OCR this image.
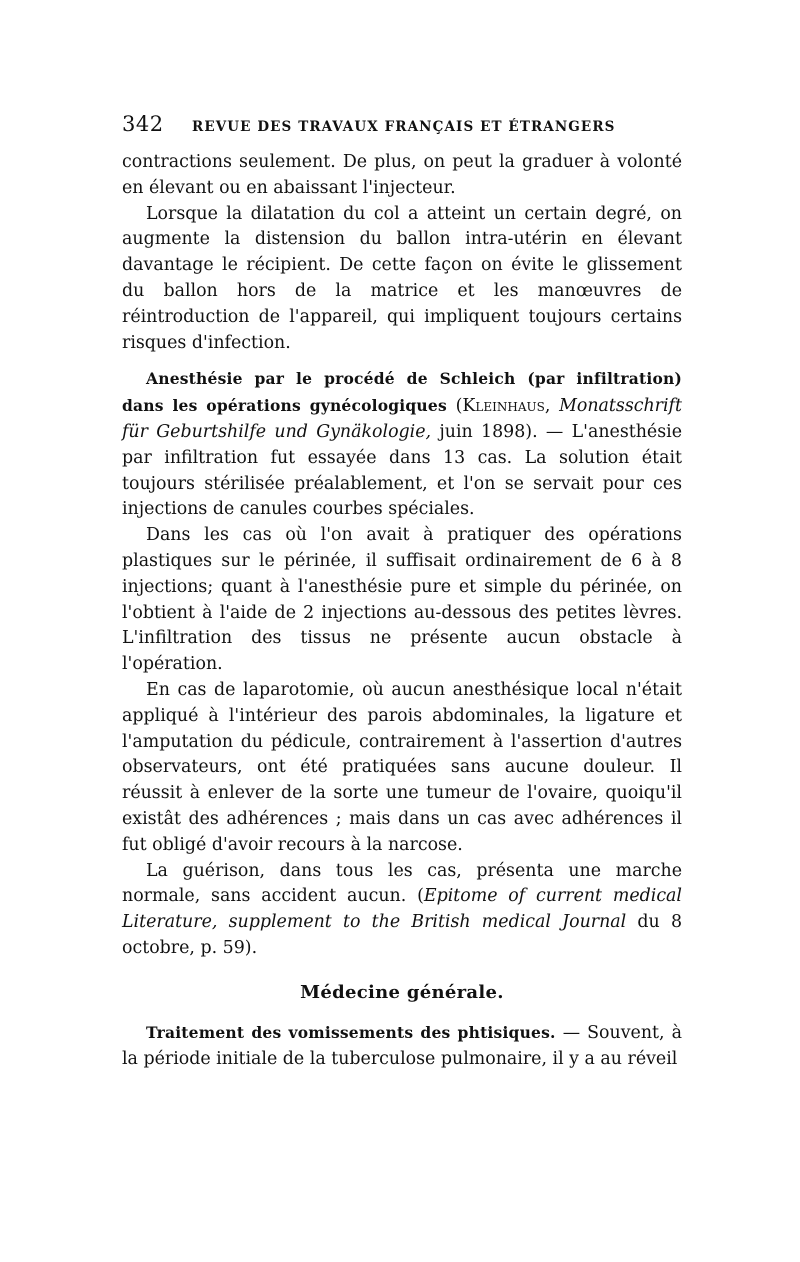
342	REVUE DES TRAVAUX FRANÇAIS ET ÉTRANGERS

contractions seulement. De plus, on peut la graduer à volonté en élevant ou en abaissant l'injecteur.

Lorsque la dilatation du col a atteint un certain degré, on augmente la distension du ballon intra-utérin en élevant davantage le récipient. De cette façon on évite le glissement du ballon hors de la matrice et les manœuvres de réintroduction de l'appareil, qui impliquent toujours certains risques d'infection.

Anesthésie par le procédé de Schleich (par infiltration) dans les opérations gynécologiques (Kleinhaus, Monatsschrift für Geburtshilfe und Gynäkologie, juin 1898). — L'anesthésie par infiltration fut essayée dans 13 cas. La solution était toujours stérilisée préalablement, et l'on se servait pour ces injections de canules courbes spéciales.

Dans les cas où l'on avait à pratiquer des opérations plastiques sur le périnée, il suffisait ordinairement de 6 à 8 injections; quant à l'anesthésie pure et simple du périnée, on l'obtient à l'aide de 2 injections au-dessous des petites lèvres. L'infiltration des tissus ne présente aucun obstacle à l'opération.

En cas de laparotomie, où aucun anesthésique local n'était appliqué à l'intérieur des parois abdominales, la ligature et l'amputation du pédicule, contrairement à l'assertion d'autres observateurs, ont été pratiquées sans aucune douleur. Il réussit à enlever de la sorte une tumeur de l'ovaire, quoiqu'il existât des adhérences ; mais dans un cas avec adhérences il fut obligé d'avoir recours à la narcose.

La guérison, dans tous les cas, présenta une marche normale, sans accident aucun. (Epitome of current medical Literature, supplement to the British medical Journal du 8 octobre, p. 59).

Médecine générale.

Traitement des vomissements des phtisiques. — Souvent, à la période initiale de la tuberculose pulmonaire, il y a au réveil
